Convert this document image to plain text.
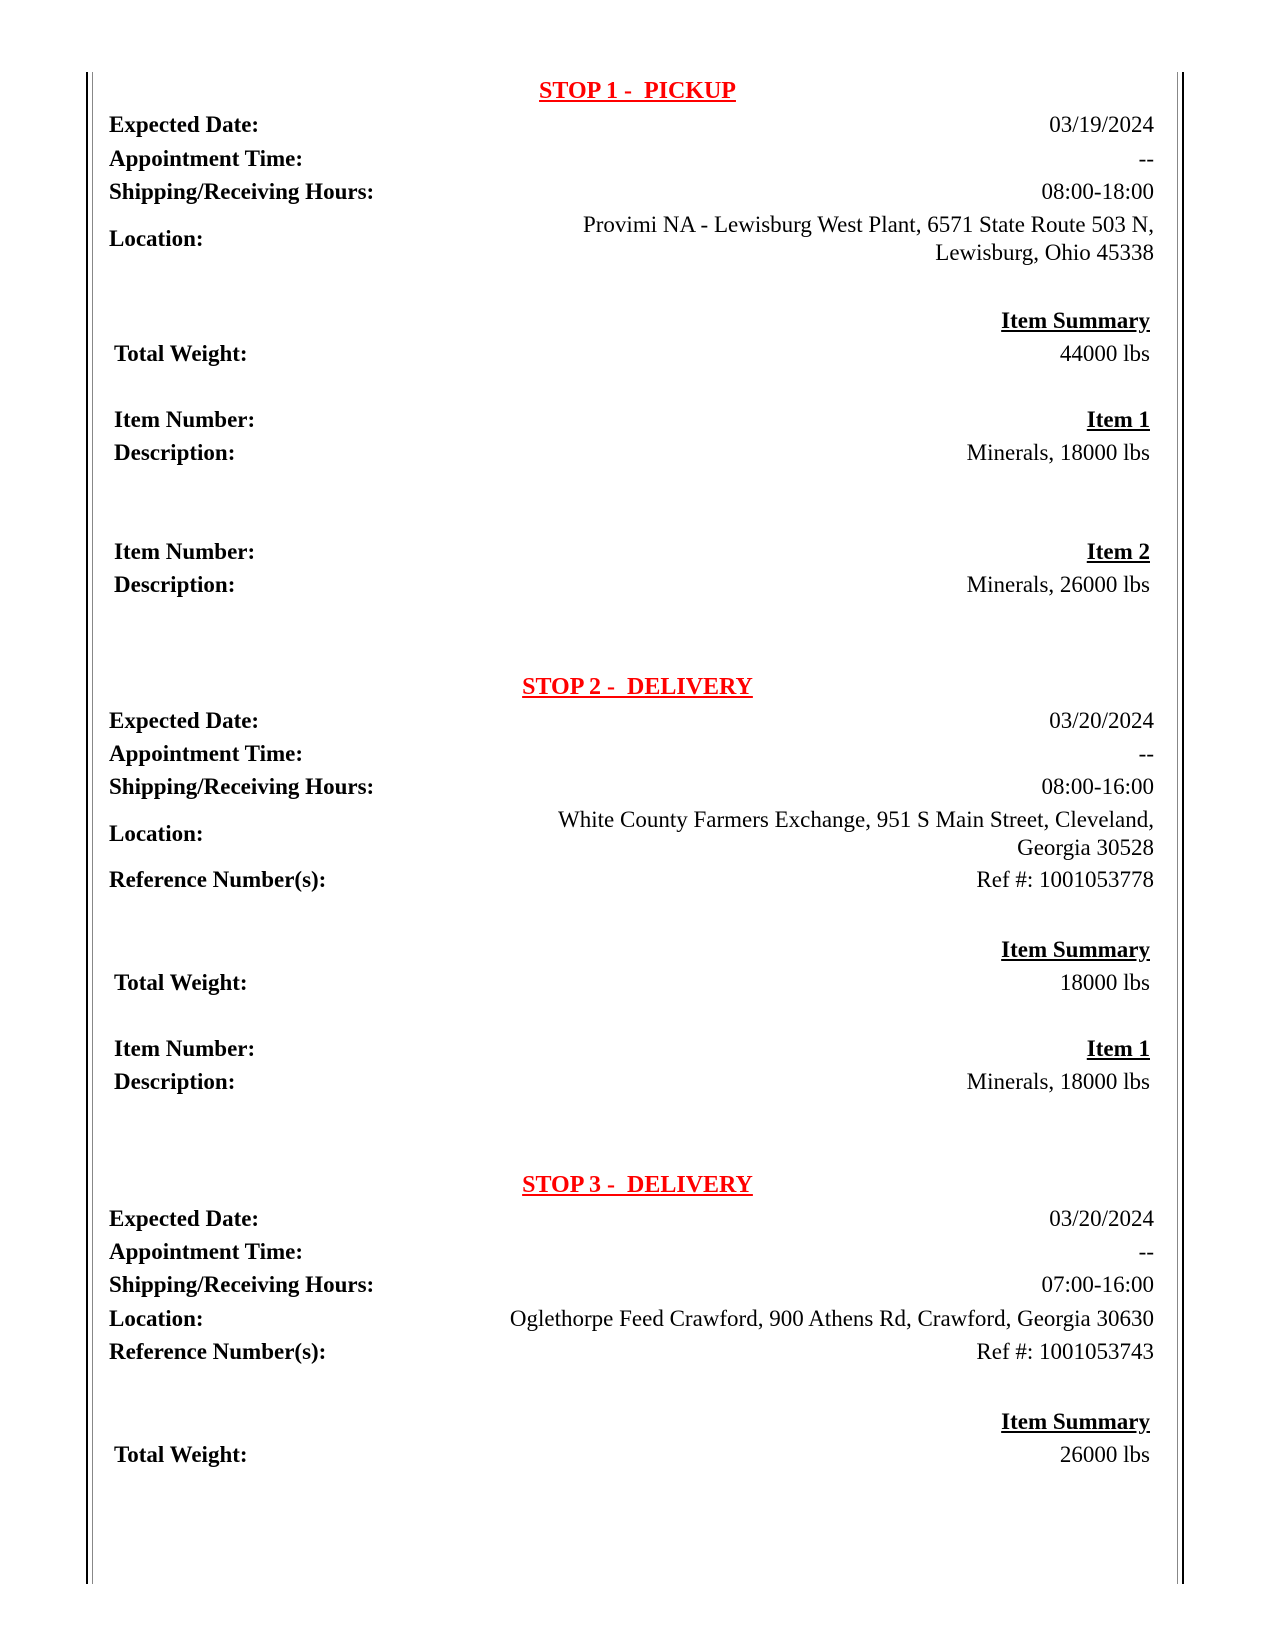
STOP 1 -  PICKUP
Expected Date:	03/19/2024
Appointment Time:	--
Shipping/Receiving Hours:	08:00-18:00
Location:
Provimi NA - Lewisburg West Plant, 6571 State Route 503 N,
Lewisburg, Ohio 45338
Item Summary
Total Weight:	44000 lbs
Item Number:	Item 1
Description:	Minerals, 18000 lbs
Item Number:	Item 2
Description:	Minerals, 26000 lbs
STOP 2 -  DELIVERY
Expected Date:	03/20/2024
Appointment Time:	--
Shipping/Receiving Hours:	08:00-16:00
Location:
White County Farmers Exchange, 951 S Main Street, Cleveland,
Georgia 30528
Reference Number(s):	Ref #: 1001053778
Item Summary
Total Weight:	18000 lbs
Item Number:	Item 1
Description:	Minerals, 18000 lbs
STOP 3 -  DELIVERY
Expected Date:	03/20/2024
Appointment Time:	--
Shipping/Receiving Hours:	07:00-16:00
Location:	Oglethorpe Feed Crawford, 900 Athens Rd, Crawford, Georgia 30630
Reference Number(s):	Ref #: 1001053743
Item Summary
Total Weight:	26000 lbs
